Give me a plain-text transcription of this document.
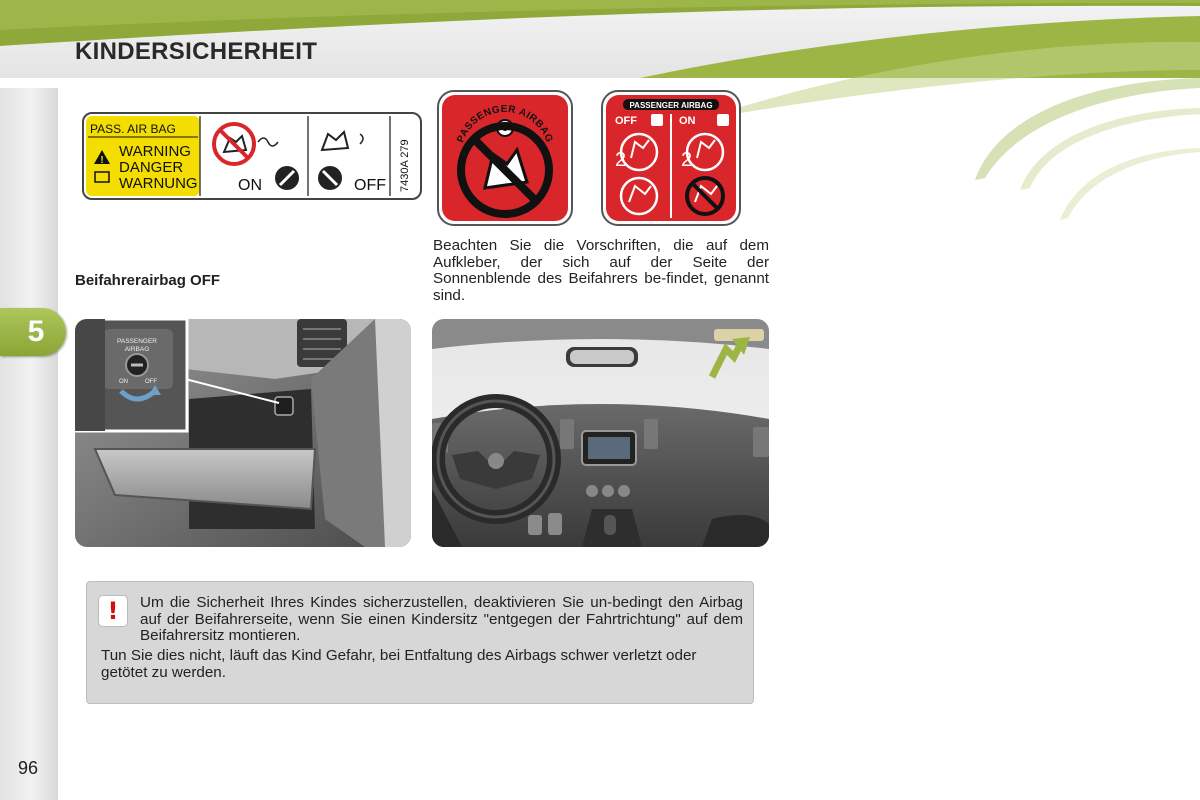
KINDERSICHERHEIT
5
96
PASS. AIR BAG
!
WARNING
DANGER
WARNUNG	ON	OFF 7430A 279
PASSENGER AIRBAG
PASSENGER AIRBAG
OFF	ON
2	2
Beachten Sie die Vorschriften, die auf dem Aufkleber, der sich auf der Seite der Sonnenblende des Beifahrers be-findet, genannt sind.
Beifahrerairbag OFF
PASSENGER
AIRBAG
ON	OFF
! Um die Sicherheit Ihres Kindes sicherzustellen, deaktivieren Sie un-bedingt den Airbag auf der Beifahrerseite, wenn Sie einen Kindersitz "entgegen der Fahrtrichtung" auf dem Beifahrersitz montieren.
Tun Sie dies nicht, läuft das Kind Gefahr, bei Entfaltung des Airbags schwer verletzt oder getötet zu werden.
